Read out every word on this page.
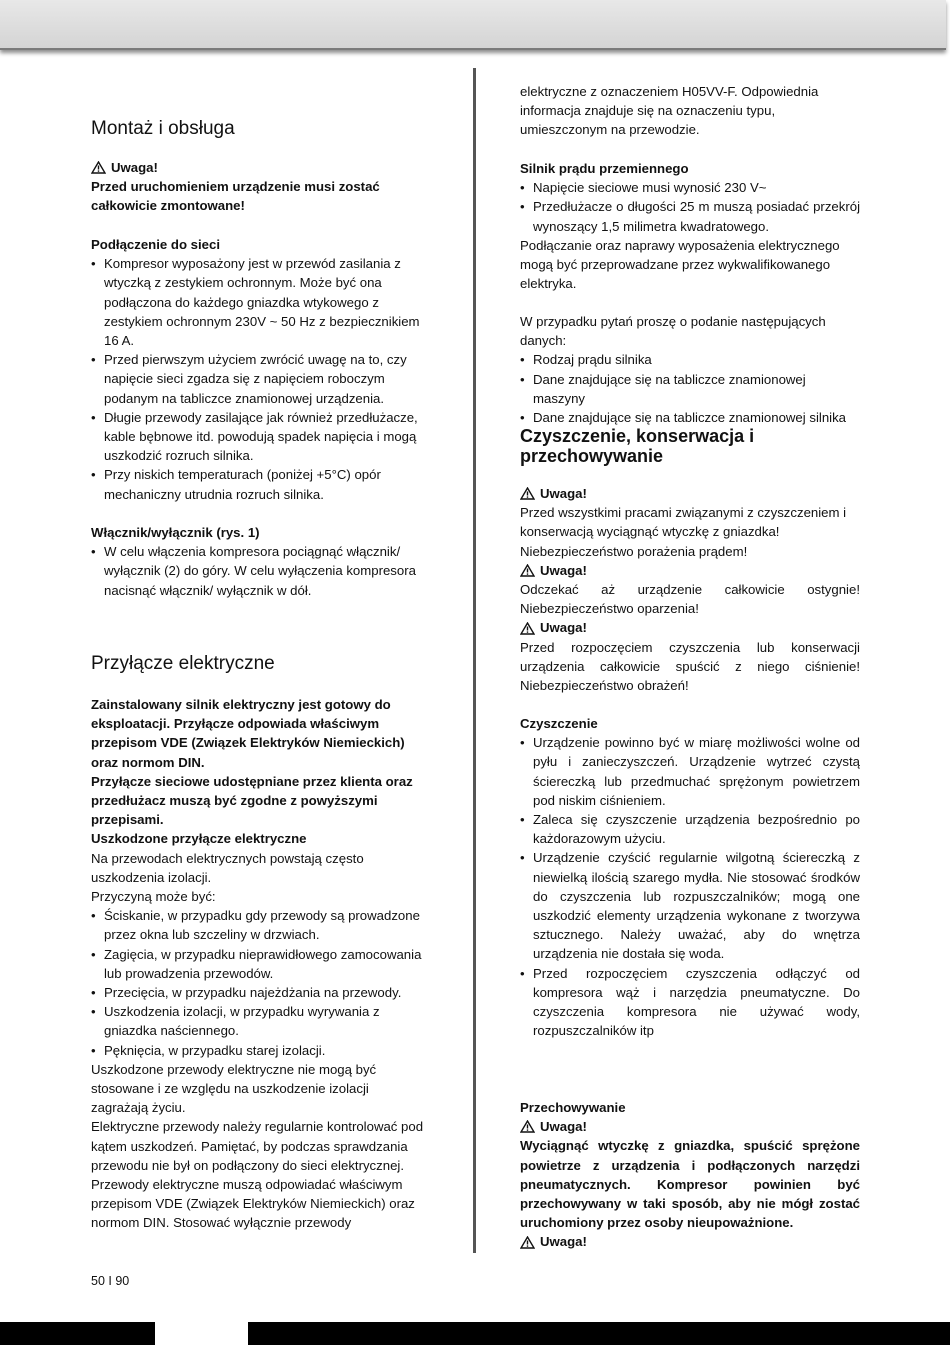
Montaż i obsługa
Uwaga!

Przed uruchomieniem urządzenie musi zostać całkowicie zmontowane!

Podłączenie do sieci
• Kompresor wyposażony jest w przewód zasilania z wtyczką z zestykiem ochronnym. Może być ona podłączona do każdego gniazdka wtykowego z zestykiem ochronnym 230V ~ 50 Hz z bezpiecznikiem 16 A.
• Przed pierwszym użyciem zwrócić uwagę na to, czy napięcie sieci zgadza się z napięciem roboczym podanym na tabliczce znamionowej urządzenia.
• Długie przewody zasilające jak również przedłużacze, kable bębnowe itd. powodują spadek napięcia i mogą uszkodzić rozruch silnika.
• Przy niskich temperaturach (poniżej +5°C) opór mechaniczny utrudnia rozruch silnika.
Włącznik/wyłącznik (rys. 1)
• W celu włączenia kompresora pociągnąć włącznik/ wyłącznik (2) do góry. W celu wyłączenia kompresora nacisnąć włącznik/ wyłącznik w dół.
Przyłącze elektryczne

Zainstalowany silnik elektryczny jest gotowy do eksploatacji. Przyłącze odpowiada właściwym przepisom VDE (Związek Elektryków Niemieckich) oraz normom DIN.

Przyłącze sieciowe udostępniane przez klienta oraz przedłużacz muszą być zgodne z powyższymi przepisami.

Uszkodzone przyłącze elektryczne

Na przewodach elektrycznych powstają często uszkodzenia izolacji.

Przyczyną może być:

• Ściskanie, w przypadku gdy przewody są prowadzone przez okna lub szczeliny w drzwiach.
• Zagięcia, w przypadku nieprawidłowego zamocowania lub prowadzenia przewodów.
• Przecięcia, w przypadku najeżdżania na przewody.
• Uszkodzenia izolacji, w przypadku wyrywania z gniazdka naściennego.
• Pęknięcia, w przypadku starej izolacji.

Uszkodzone przewody elektryczne nie mogą być stosowane i ze względu na uszkodzenie izolacji zagrażają życiu.

Elektryczne przewody należy regularnie kontrolować pod kątem uszkodzeń. Pamiętać, by podczas sprawdzania przewodu nie był on podłączony do sieci elektrycznej.

Przewody elektryczne muszą odpowiadać właściwym przepisom VDE (Związek Elektryków Niemieckich) oraz normom DIN. Stosować wyłącznie przewody

elektryczne z oznaczeniem H05VV-F. Odpowiednia informacja znajduje się na oznaczeniu typu, umieszczonym na przewodzie.

Silnik prądu przemiennego
• Napięcie sieciowe musi wynosić 230 V~
• Przedłużacze o długości 25 m muszą posiadać przekrój wynoszący 1,5 milimetra kwadratowego.

Podłączanie oraz naprawy wyposażenia elektrycznego mogą być przeprowadzane przez wykwalifikowanego elektryka.

W przypadku pytań proszę o podanie następujących danych:

• Rodzaj prądu silnika
• Dane znajdujące się na tabliczce znamionowej maszyny
• Dane znajdujące się na tabliczce znamionowej silnika
Czyszczenie, konserwacja i przechowywanie
Uwaga!

Przed wszystkimi pracami związanymi z czyszczeniem i konserwacją wyciągnąć wtyczkę z gniazdka! Niebezpieczeństwo porażenia prądem!

Uwaga!

Odczekać aż urządzenie całkowicie ostygnie! Niebezpieczeństwo oparzenia!

Uwaga!

Przed rozpoczęciem czyszczenia lub konserwacji urządzenia całkowicie spuścić z niego ciśnienie! Niebezpieczeństwo obrażeń!

Czyszczenie
• Urządzenie powinno być w miarę możliwości wolne od pyłu i zanieczyszczeń. Urządzenie wytrzeć czystą ściereczką lub przedmuchać sprężonym powietrzem pod niskim ciśnieniem.
• Zaleca się czyszczenie urządzenia bezpośrednio po każdorazowym użyciu.
• Urządzenie czyścić regularnie wilgotną ściereczką z niewielką ilością szarego mydła. Nie stosować środków do czyszczenia lub rozpuszczalników; mogą one uszkodzić elementy urządzenia wykonane z tworzywa sztucznego. Należy uważać, aby do wnętrza urządzenia nie dostała się woda.
• Przed rozpoczęciem czyszczenia odłączyć od kompresora wąż i narzędzia pneumatyczne. Do czyszczenia kompresora nie używać wody, rozpuszczalników itp
Przechowywanie
Uwaga!

Wyciągnąć wtyczkę z gniazdka, spuścić sprężone powietrze z urządzenia i podłączonych narzędzi pneumatycznych. Kompresor powinien być przechowywany w taki sposób, aby nie mógł zostać uruchomiony przez osoby nieupoważnione.

Uwaga!
50 I 90
